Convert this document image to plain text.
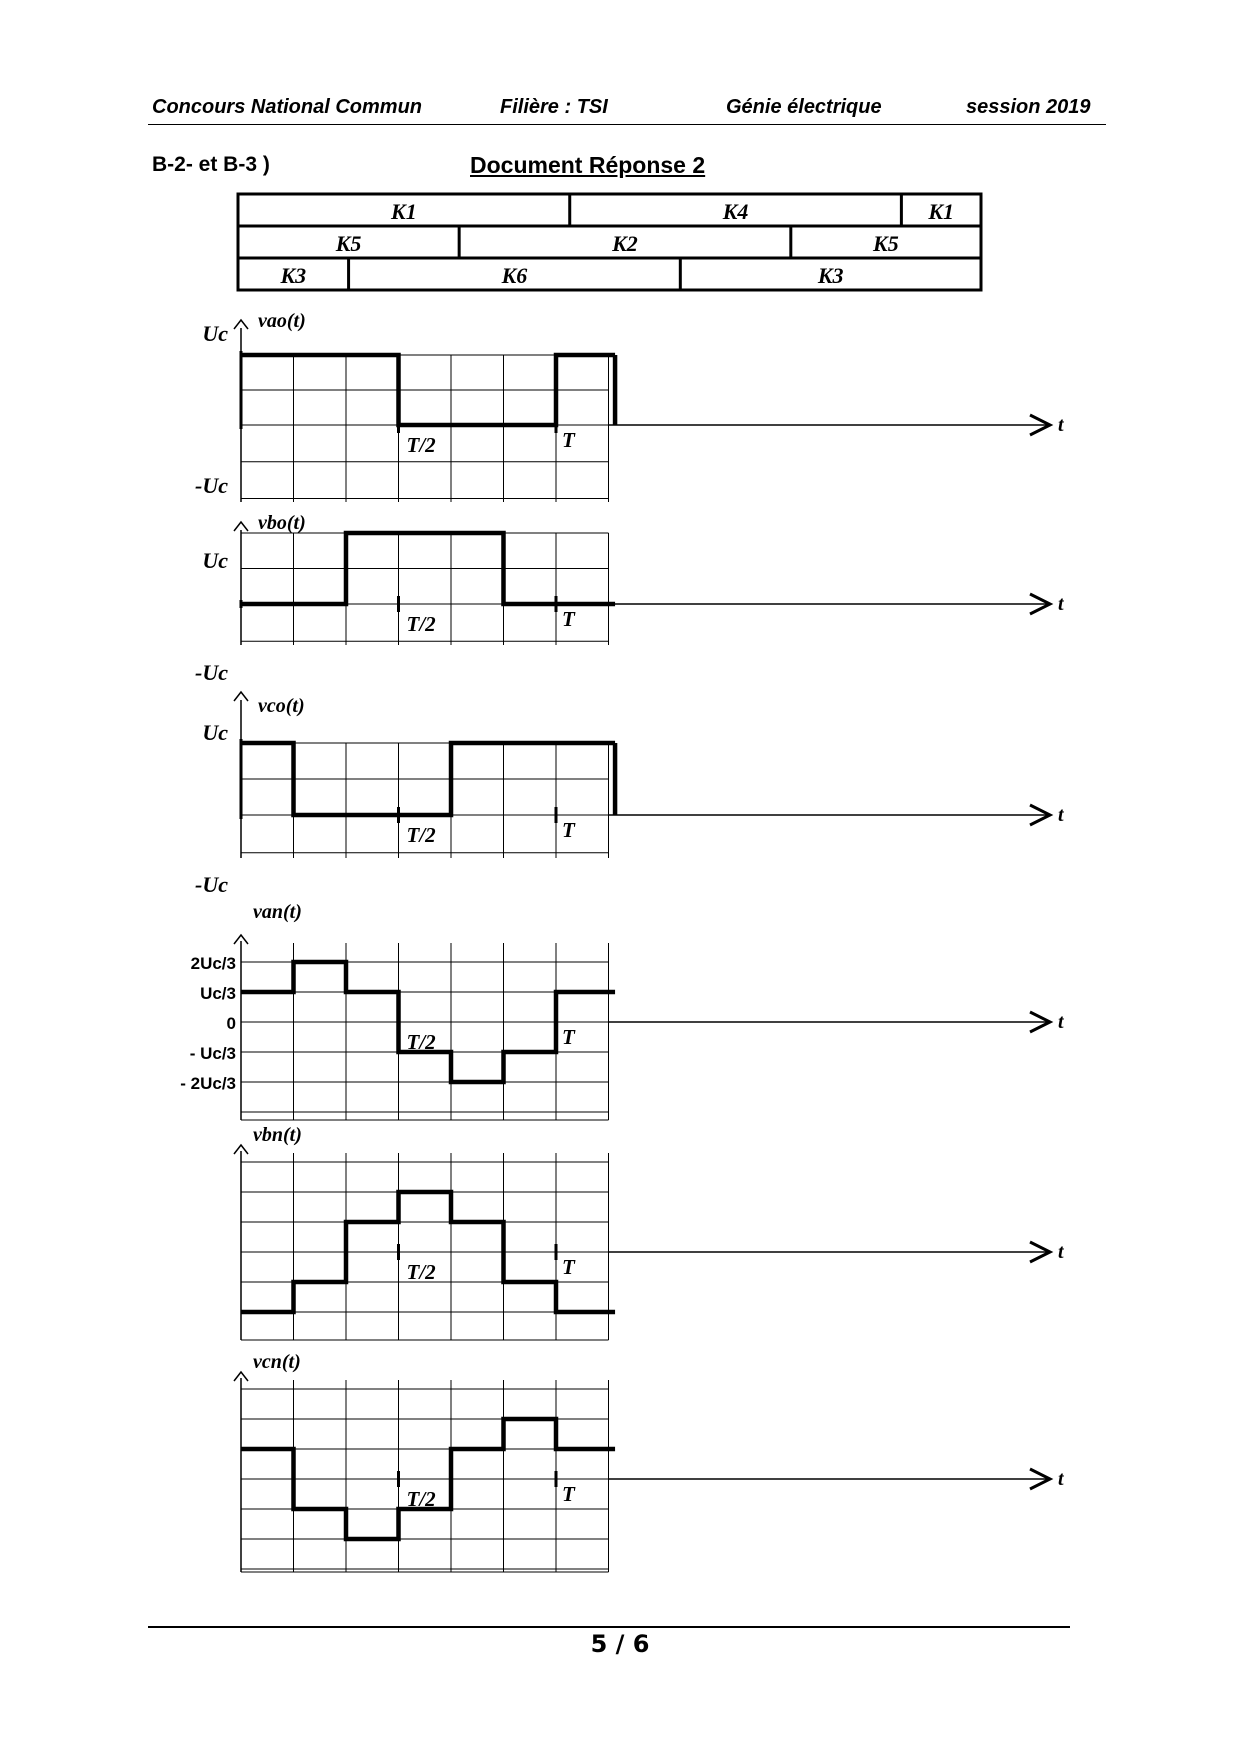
Concours National Commun	Filière : TSI	Génie électrique	session 2019
B-2- et B-3 )	Document Réponse 2
K1	K4	K1
K5	K2	K5
K3	K6	K3
t
vao(t)
Uc
-Uc
T/2	T
t
vbo(t)
Uc
-Uc
T/2	T
t
vco(t)
Uc
-Uc
T/2	T
t
van(t)
T/2	T
2Uc/3
Uc/3
0
- Uc/3
- 2Uc/3
t
vbn(t)
T/2	T
t
vcn(t)
T/2	T
5 / 6
